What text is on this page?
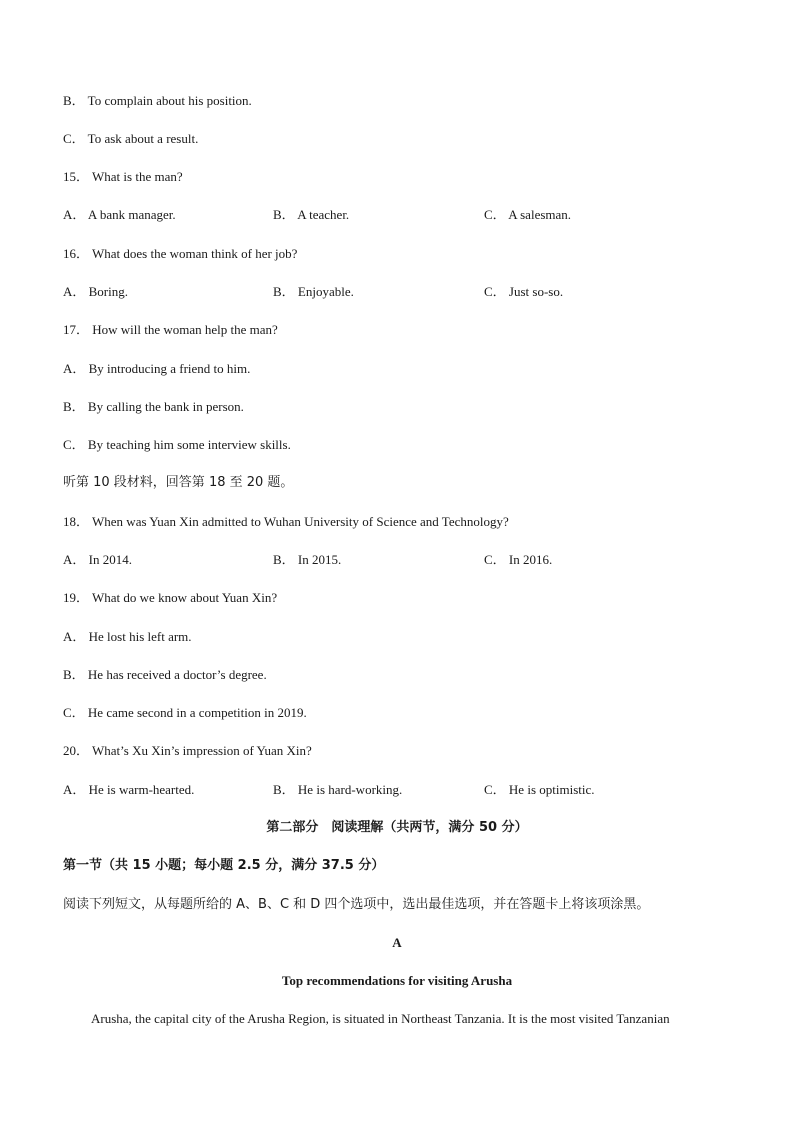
B． To complain about his position.
C． To ask about a result.
15． What is the man?
A． A bank manager.	B． A teacher.	C． A salesman.
16． What does the woman think of her job?
A． Boring.	B． Enjoyable.	C． Just so-so.
17． How will the woman help the man?
A． By introducing a friend to him.
B． By calling the bank in person.
C． By teaching him some interview skills.
听第 10 段材料，回答第 18 至 20 题。
18． When was Yuan Xin admitted to Wuhan University of Science and Technology?
A． In 2014.	B． In 2015.	C． In 2016.
19． What do we know about Yuan Xin?
A． He lost his left arm.
B． He has received a doctor’s degree.
C． He came second in a competition in 2019.
20． What’s Xu Xin’s impression of Yuan Xin?
A． He is warm-hearted.	B． He is hard-working.	C． He is optimistic.
第二部分　阅读理解（共两节，满分 50 分）
第一节（共 15 小题；每小题 2.5 分，满分 37.5 分）
阅读下列短文，从每题所给的 A、B、C 和 D 四个选项中，选出最佳选项，并在答题卡上将该项涂黑。
A
Top recommendations for visiting Arusha
Arusha, the capital city of the Arusha Region, is situated in Northeast Tanzania. It is the most visited Tanzanian
